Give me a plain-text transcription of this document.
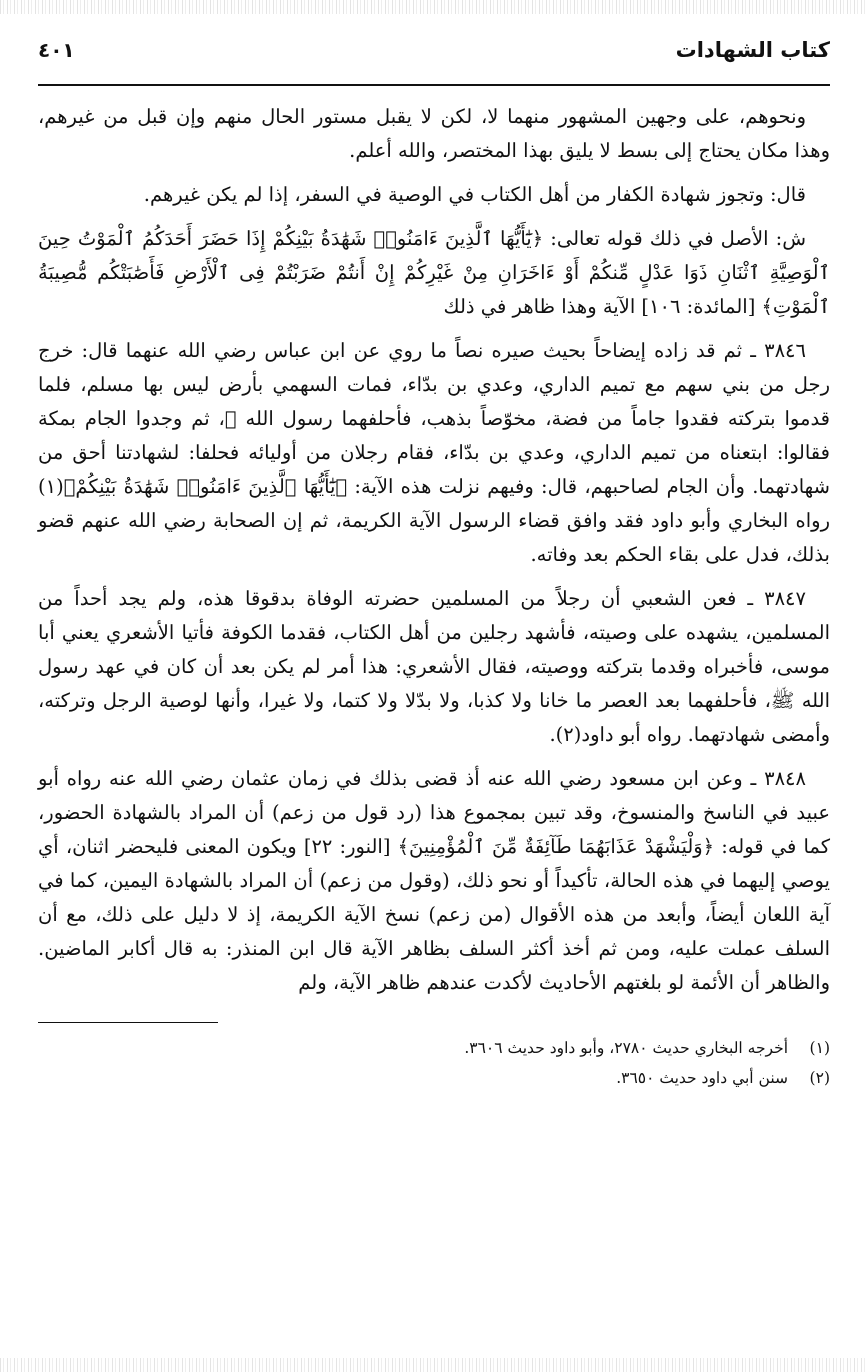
كتاب الشهادات
٤٠١

ونحوهم، على وجهين المشهور منهما لا، لكن لا يقبل مستور الحال منهم وإن قبل من غيرهم، وهذا مكان يحتاج إلى بسط لا يليق بهذا المختصر، والله أعلم.

قال: وتجوز شهادة الكفار من أهل الكتاب في الوصية في السفر، إذا لم يكن غيرهم.

ش: الأصل في ذلك قوله تعالى: ﴿يَٰٓأَيُّهَا ٱلَّذِينَ ءَامَنُوا۟ شَهَٰدَةُ بَيْنِكُمْ إِذَا حَضَرَ أَحَدَكُمُ ٱلْمَوْتُ حِينَ ٱلْوَصِيَّةِ ٱثْنَانِ ذَوَا عَدْلٍ مِّنكُمْ أَوْ ءَاخَرَانِ مِنْ غَيْرِكُمْ إِنْ أَنتُمْ ضَرَبْتُمْ فِى ٱلْأَرْضِ فَأَصَٰبَتْكُم مُّصِيبَةُ ٱلْمَوْتِ﴾ [المائدة: ١٠٦] الآية وهذا ظاهر في ذلك

٣٨٤٦ ـ ثم قد زاده إيضاحاً بحيث صيره نصاً ما روي عن ابن عباس رضي الله عنهما قال: خرج رجل من بني سهم مع تميم الداري، وعدي بن بدّاء، فمات السهمي بأرض ليس بها مسلم، فلما قدموا بتركته فقدوا جاماً من فضة، مخوّصاً بذهب، فأحلفهما رسول الله ﷺ، ثم وجدوا الجام بمكة فقالوا: ابتعناه من تميم الداري، وعدي بن بدّاء، فقام رجلان من أوليائه فحلفا: لشهادتنا أحق من شهادتهما. وأن الجام لصاحبهم، قال: وفيهم نزلت هذه الآية: ﴿يَٰٓأَيُّهَا ٱلَّذِينَ ءَامَنُوا۟ شَهَٰدَةُ بَيْنِكُمْ﴾(١) رواه البخاري وأبو داود فقد وافق قضاء الرسول الآية الكريمة، ثم إن الصحابة رضي الله عنهم قضو بذلك، فدل على بقاء الحكم بعد وفاته.

٣٨٤٧ ـ فعن الشعبي أن رجلاً من المسلمين حضرته الوفاة بدقوقا هذه، ولم يجد أحداً من المسلمين، يشهده على وصيته، فأشهد رجلين من أهل الكتاب، فقدما الكوفة فأتيا الأشعري يعني أبا موسى، فأخبراه وقدما بتركته ووصيته، فقال الأشعري: هذا أمر لم يكن بعد أن كان في عهد رسول الله ﷺ، فأحلفهما بعد العصر ما خانا ولا كذبا، ولا بدّلا ولا كتما، ولا غيرا، وأنها لوصية الرجل وتركته، وأمضى شهادتهما. رواه أبو داود(٢).

٣٨٤٨ ـ وعن ابن مسعود رضي الله عنه أذ قضى بذلك في زمان عثمان رضي الله عنه رواه أبو عبيد في الناسخ والمنسوخ، وقد تبين بمجموع هذا (رد قول من زعم) أن المراد بالشهادة الحضور، كما في قوله: ﴿وَلْيَشْهَدْ عَذَابَهُمَا طَآئِفَةٌ مِّنَ ٱلْمُؤْمِنِينَ﴾ [النور: ٢٢] ويكون المعنى فليحضر اثنان، أي يوصي إليهما في هذه الحالة، تأكيداً أو نحو ذلك، (وقول من زعم) أن المراد بالشهادة اليمين، كما في آية اللعان أيضاً، وأبعد من هذه الأقوال (من زعم) نسخ الآية الكريمة، إذ لا دليل على ذلك، مع أن السلف عملت عليه، ومن ثم أخذ أكثر السلف بظاهر الآية قال ابن المنذر: به قال أكابر الماضين. والظاهر أن الأئمة لو بلغتهم الأحاديث لأكدت عندهم ظاهر الآية، ولم

(١)
أخرجه البخاري حديث ٢٧٨٠، وأبو داود حديث ٣٦٠٦.
(٢)
سنن أبي داود حديث ٣٦٥٠.
